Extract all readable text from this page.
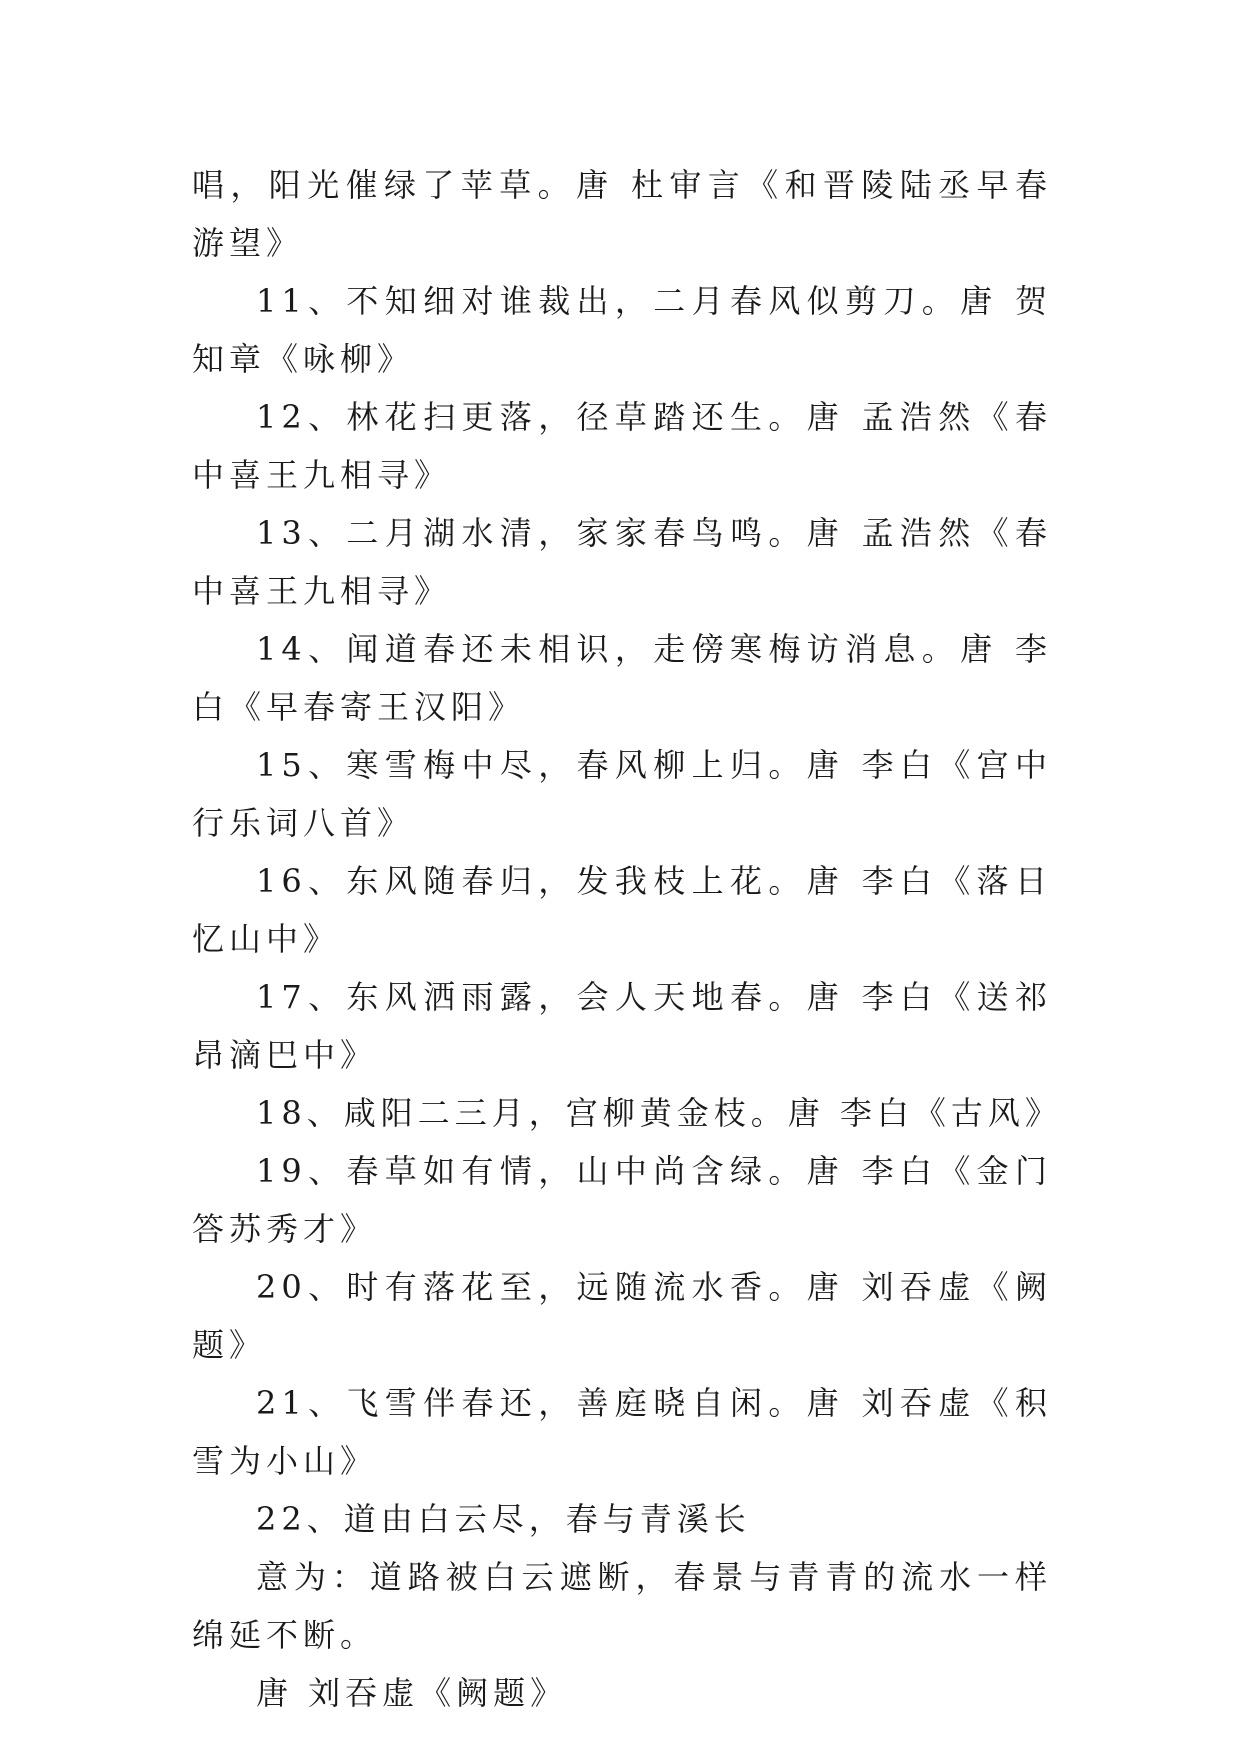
唱，阳光催绿了苹草。唐 杜审言《和晋陵陆丞早春游望》

11、不知细对谁裁出，二月春风似剪刀。唐 贺知章《咏柳》

12、林花扫更落，径草踏还生。唐 孟浩然《春中喜王九相寻》

13、二月湖水清，家家春鸟鸣。唐 孟浩然《春中喜王九相寻》

14、闻道春还未相识，走傍寒梅访消息。唐 李白《早春寄王汉阳》

15、寒雪梅中尽，春风柳上归。唐 李白《宫中行乐词八首》

16、东风随春归，发我枝上花。唐 李白《落日忆山中》

17、东风洒雨露，会人天地春。唐 李白《送祁昂滴巴中》

18、咸阳二三月，宫柳黄金枝。唐 李白《古风》

19、春草如有情，山中尚含绿。唐 李白《金门答苏秀才》

20、时有落花至，远随流水香。唐 刘吞虚《阙题》

21、飞雪伴春还，善庭晓自闲。唐 刘吞虚《积雪为小山》

22、道由白云尽，春与青溪长

意为：道路被白云遮断，春景与青青的流水一样绵延不断。

唐 刘吞虚《阙题》
